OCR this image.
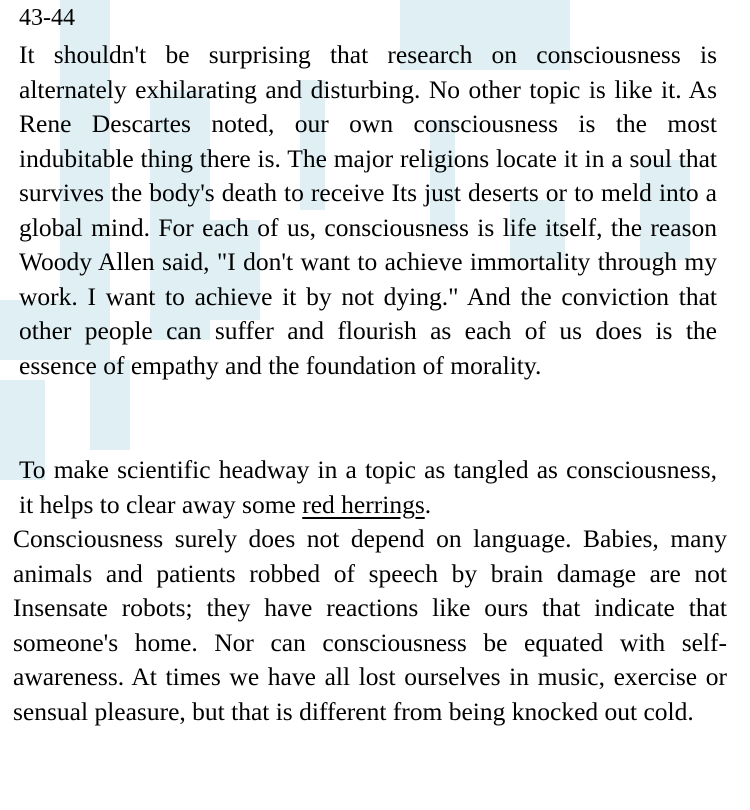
43-44

It shouldn't be surprising that research on consciousness is alternately exhilarating and disturbing. No other topic is like it. As Rene Descartes noted, our own consciousness is the most indubitable thing there is. The major religions locate it in a soul that survives the body's death to receive Its just deserts or to meld into a global mind. For each of us, consciousness is life itself, the reason Woody Allen said, "I don't want to achieve immortality through my work. I want to achieve it by not dying." And the conviction that other people can suffer and flourish as each of us does is the essence of empathy and the foundation of morality.

To make scientific headway in a topic as tangled as consciousness, it helps to clear away some red herrings.
Consciousness surely does not depend on language. Babies, many animals and patients robbed of speech by brain damage are not Insensate robots; they have reactions like ours that indicate that someone's home. Nor can consciousness be equated with self-awareness. At times we have all lost ourselves in music, exercise or sensual pleasure, but that is different from being knocked out cold.
